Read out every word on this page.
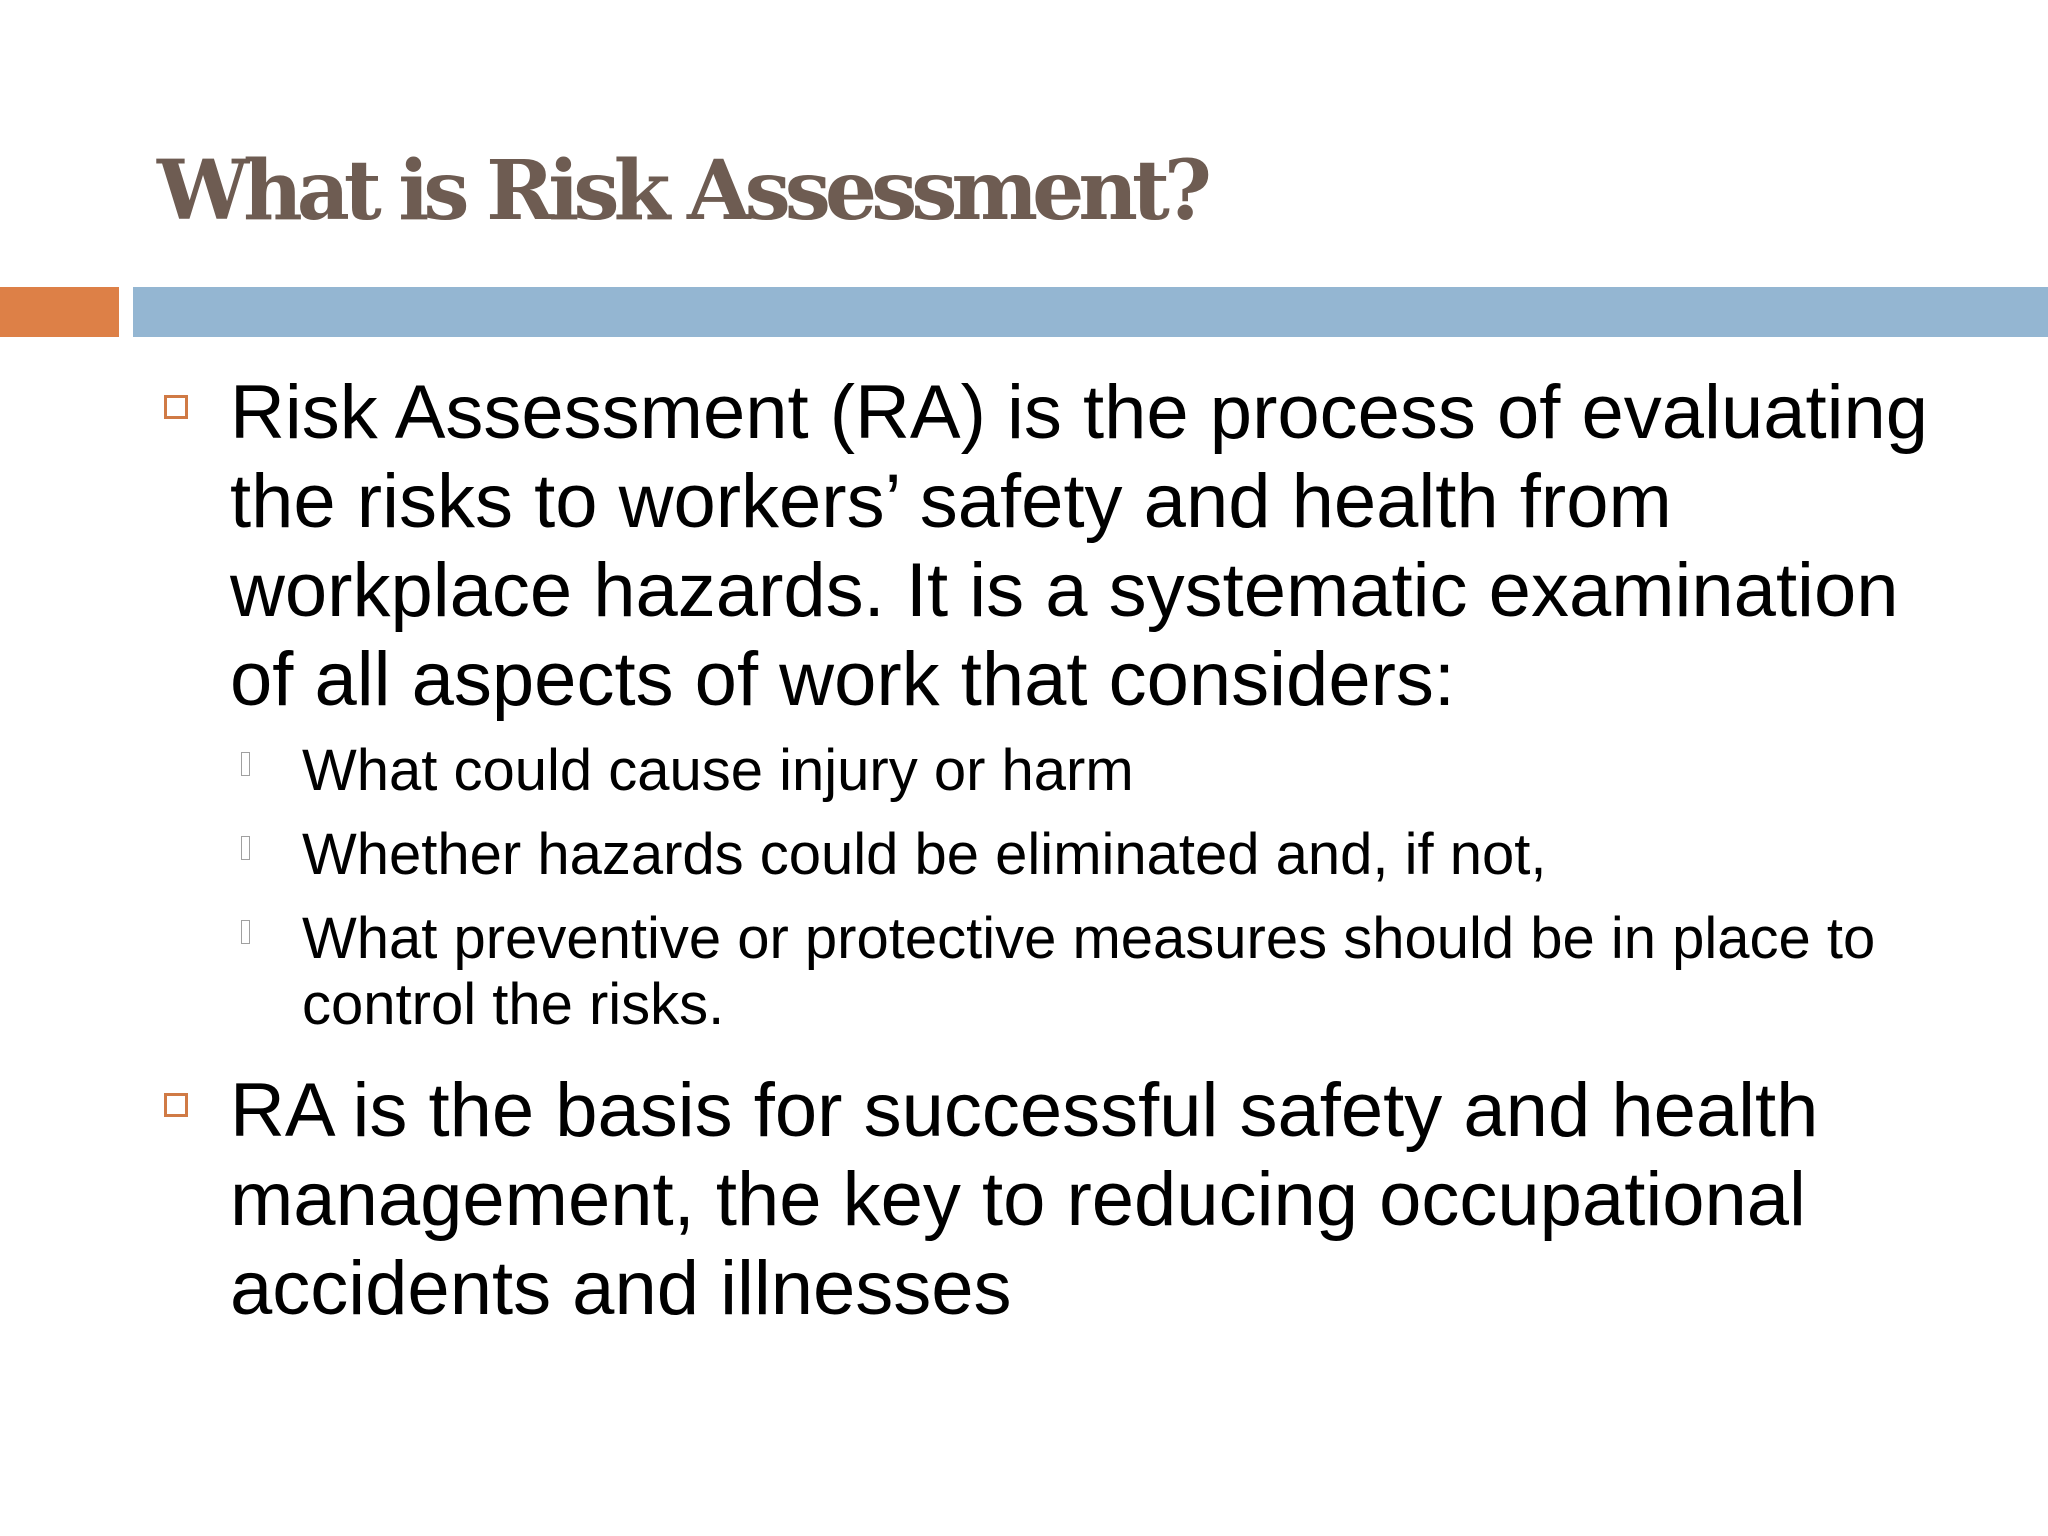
What is Risk Assessment?
Risk Assessment (RA) is the process of evaluating the risks to workers’ safety and health from workplace hazards. It is a systematic examination of all aspects of work that considers:
What could cause injury or harm
Whether hazards could be eliminated and, if not,
What preventive or protective measures should be in place to control the risks.
RA is the basis for successful safety and health management, the key to reducing occupational accidents and illnesses
